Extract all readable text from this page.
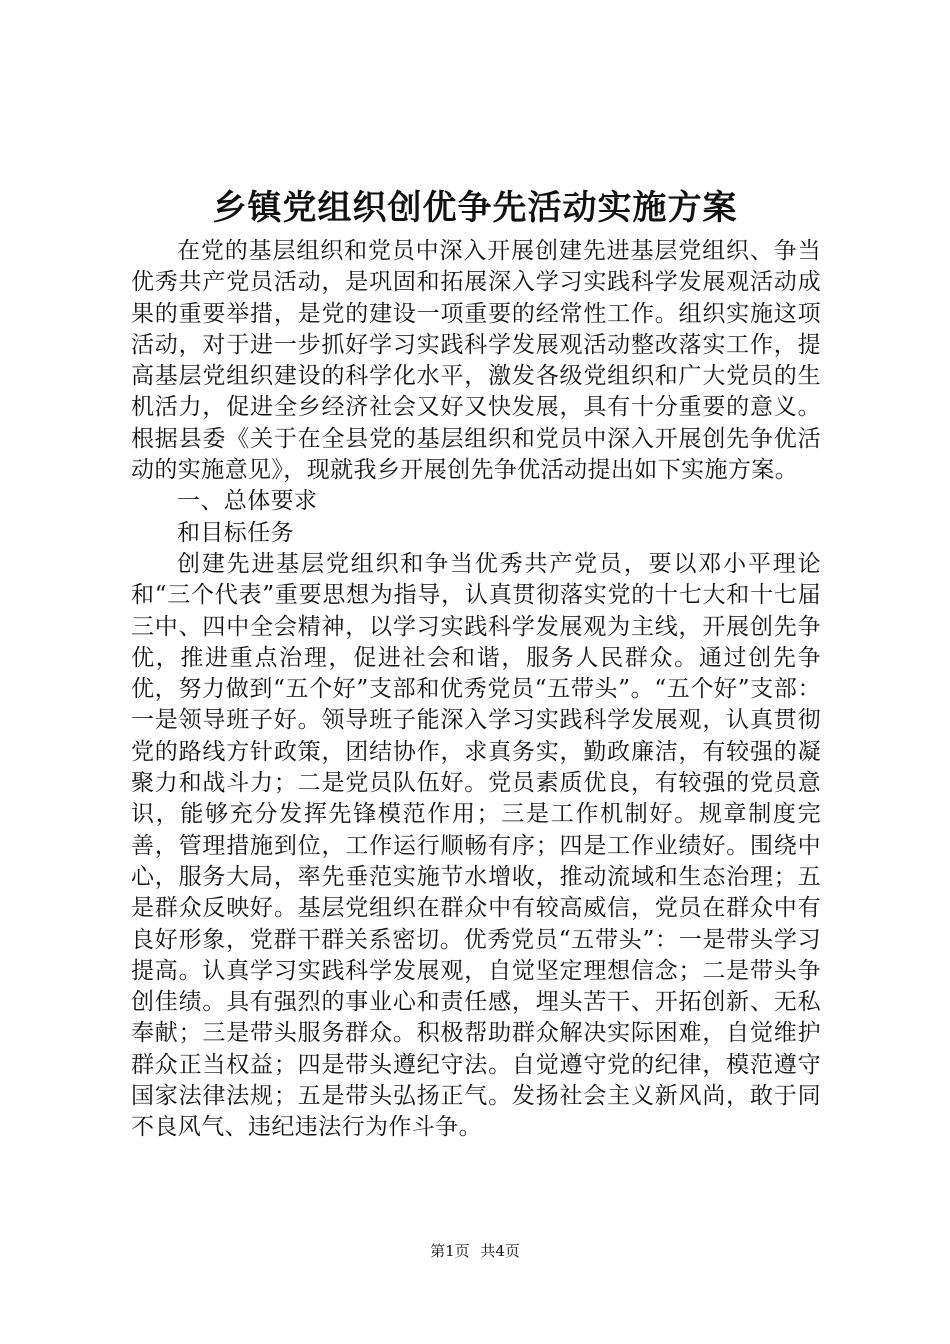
乡镇党组织创优争先活动实施方案

在党的基层组织和党员中深入开展创建先进基层党组织、争当优秀共产党员活动，是巩固和拓展深入学习实践科学发展观活动成果的重要举措，是党的建设一项重要的经常性工作。组织实施这项活动，对于进一步抓好学习实践科学发展观活动整改落实工作，提高基层党组织建设的科学化水平，激发各级党组织和广大党员的生机活力，促进全乡经济社会又好又快发展，具有十分重要的意义。根据县委《关于在全县党的基层组织和党员中深入开展创先争优活动的实施意见》，现就我乡开展创先争优活动提出如下实施方案。

一、总体要求

和目标任务

创建先进基层党组织和争当优秀共产党员，要以邓小平理论和“三个代表”重要思想为指导，认真贯彻落实党的十七大和十七届三中、四中全会精神，以学习实践科学发展观为主线，开展创先争优，推进重点治理，促进社会和谐，服务人民群众。通过创先争优，努力做到“五个好”支部和优秀党员“五带头”。“五个好”支部：一是领导班子好。领导班子能深入学习实践科学发展观，认真贯彻党的路线方针政策，团结协作，求真务实，勤政廉洁，有较强的凝聚力和战斗力；二是党员队伍好。党员素质优良，有较强的党员意识，能够充分发挥先锋模范作用；三是工作机制好。规章制度完善，管理措施到位，工作运行顺畅有序；四是工作业绩好。围绕中心，服务大局，率先垂范实施节水增收，推动流域和生态治理；五是群众反映好。基层党组织在群众中有较高威信，党员在群众中有良好形象，党群干群关系密切。优秀党员“五带头”：一是带头学习提高。认真学习实践科学发展观，自觉坚定理想信念；二是带头争创佳绩。具有强烈的事业心和责任感，埋头苦干、开拓创新、无私奉献；三是带头服务群众。积极帮助群众解决实际困难，自觉维护群众正当权益；四是带头遵纪守法。自觉遵守党的纪律，模范遵守国家法律法规；五是带头弘扬正气。发扬社会主义新风尚，敢于同不良风气、违纪违法行为作斗争。

第1页 共4页
